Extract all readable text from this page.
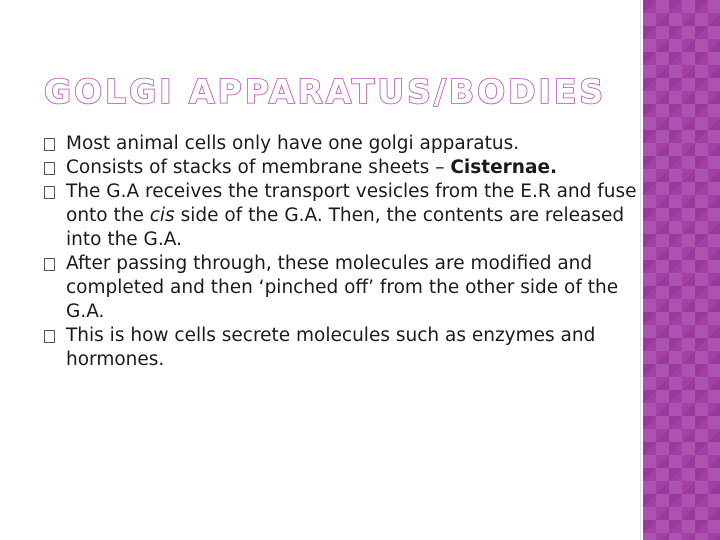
GOLGI APPARATUS/BODIES
Most animal cells only have one golgi apparatus.
Consists of stacks of membrane sheets – Cisternae.
The G.A receives the transport vesicles from the E.R and fuse onto the cis side of the G.A. Then, the contents are released into the G.A.
After passing through, these molecules are modified and completed and then ‘pinched off’ from the other side of the G.A.
This is how cells secrete molecules such as enzymes and hormones.
